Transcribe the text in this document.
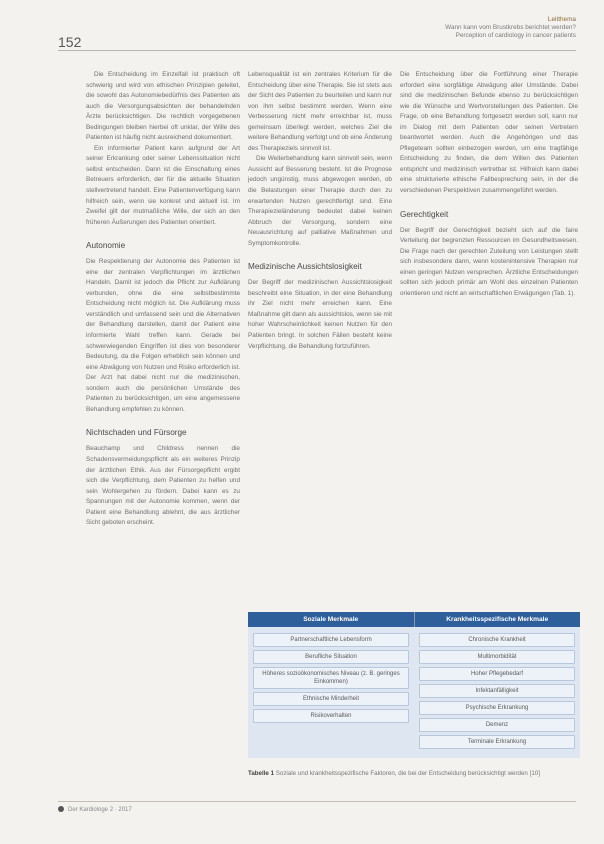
152
Leitthema
Wann kann vom Brustkrebs berichtet werden?
Perception of cardiology in cancer patients

Die Entscheidung im Einzelfall ist praktisch oft schwierig und wird von ethischen Prinzipien geleitet, die sowohl das Autonomiebedürfnis des Patienten als auch die Versorgungsabsichten der behandelnden Ärzte berücksichtigen. Die rechtlich vorgegebenen Bedingungen bleiben hierbei oft unklar, der Wille des Patienten ist häufig nicht ausreichend dokumentiert.

Ein informierter Patient kann aufgrund der Art seiner Erkrankung oder seiner Lebenssituation nicht selbst entscheiden. Dann ist die Einschaltung eines Betreuers erforderlich, der für die aktuelle Situation stellvertretend handelt. Eine Patientenverfügung kann hilfreich sein, wenn sie konkret und aktuell ist. Im Zweifel gilt der mutmaßliche Wille, der sich an den früheren Äußerungen des Patienten orientiert.

Autonomie

Die Respektierung der Autonomie des Patienten ist eine der zentralen Verpflichtungen im ärztlichen Handeln. Damit ist jedoch die Pflicht zur Aufklärung verbunden, ohne die eine selbstbestimmte Entscheidung nicht möglich ist. Die Aufklärung muss verständlich und umfassend sein und die Alternativen der Behandlung darstellen, damit der Patient eine informierte Wahl treffen kann. Gerade bei schwerwiegenden Eingriffen ist dies von besonderer Bedeutung, da die Folgen erheblich sein können und eine Abwägung von Nutzen und Risiko erforderlich ist. Der Arzt hat dabei nicht nur die medizinischen, sondern auch die persönlichen Umstände des Patienten zu berücksichtigen, um eine angemessene Behandlung empfehlen zu können.

Nichtschaden und Fürsorge

Beauchamp und Childress nennen die Schadensvermeidungspflicht als ein weiteres Prinzip der ärztlichen Ethik. Aus der Fürsorgepflicht ergibt sich die Verpflichtung, dem Patienten zu helfen und sein Wohlergehen zu fördern. Dabei kann es zu Spannungen mit der Autonomie kommen, wenn der Patient eine Behandlung ablehnt, die aus ärztlicher Sicht geboten erscheint.

Lebensqualität ist ein zentrales Kriterium für die Entscheidung über eine Therapie. Sie ist stets aus der Sicht des Patienten zu beurteilen und kann nur von ihm selbst bestimmt werden. Wenn eine Verbesserung nicht mehr erreichbar ist, muss gemeinsam überlegt werden, welches Ziel die weitere Behandlung verfolgt und ob eine Änderung des Therapieziels sinnvoll ist.

Die Weiterbehandlung kann sinnvoll sein, wenn Aussicht auf Besserung besteht. Ist die Prognose jedoch ungünstig, muss abgewogen werden, ob die Belastungen einer Therapie durch den zu erwartenden Nutzen gerechtfertigt sind. Eine Therapiezieländerung bedeutet dabei keinen Abbruch der Versorgung, sondern eine Neuausrichtung auf palliative Maßnahmen und Symptomkontrolle.

Medizinische Aussichtslosigkeit

Der Begriff der medizinischen Aussichtslosigkeit beschreibt eine Situation, in der eine Behandlung ihr Ziel nicht mehr erreichen kann. Eine Maßnahme gilt dann als aussichtslos, wenn sie mit hoher Wahrscheinlichkeit keinen Nutzen für den Patienten bringt. In solchen Fällen besteht keine Verpflichtung, die Behandlung fortzuführen.

Die Entscheidung über die Fortführung einer Therapie erfordert eine sorgfältige Abwägung aller Umstände. Dabei sind die medizinischen Befunde ebenso zu berücksichtigen wie die Wünsche und Wertvorstellungen des Patienten. Die Frage, ob eine Behandlung fortgesetzt werden soll, kann nur im Dialog mit dem Patienten oder seinen Vertretern beantwortet werden. Auch die Angehörigen und das Pflegeteam sollten einbezogen werden, um eine tragfähige Entscheidung zu finden, die dem Willen des Patienten entspricht und medizinisch vertretbar ist. Hilfreich kann dabei eine strukturierte ethische Fallbesprechung sein, in der die verschiedenen Perspektiven zusammengeführt werden.

Gerechtigkeit

Der Begriff der Gerechtigkeit bezieht sich auf die faire Verteilung der begrenzten Ressourcen im Gesundheitswesen. Die Frage nach der gerechten Zuteilung von Leistungen stellt sich insbesondere dann, wenn kostenintensive Therapien nur einen geringen Nutzen versprechen. Ärztliche Entscheidungen sollten sich jedoch primär am Wohl des einzelnen Patienten orientieren und nicht an wirtschaftlichen Erwägungen (Tab. 1).

Soziale Merkmale	Krankheitsspezifische Merkmale
Partnerschaftliche Lebensform
Berufliche Situation
Höheres sozioökonomisches Niveau (z. B. geringes Einkommen)
Ethnische Minderheit
Risikoverhalten
Chronische Krankheit
Multimorbidität
Hoher Pflegebedarf
Infektanfälligkeit
Psychische Erkrankung
Demenz
Terminale Erkrankung
Tabelle 1 Soziale und krankheitsspezifische Faktoren, die bei der Entscheidung berücksichtigt werden [10]
Der Kardiologe 2 · 2017
